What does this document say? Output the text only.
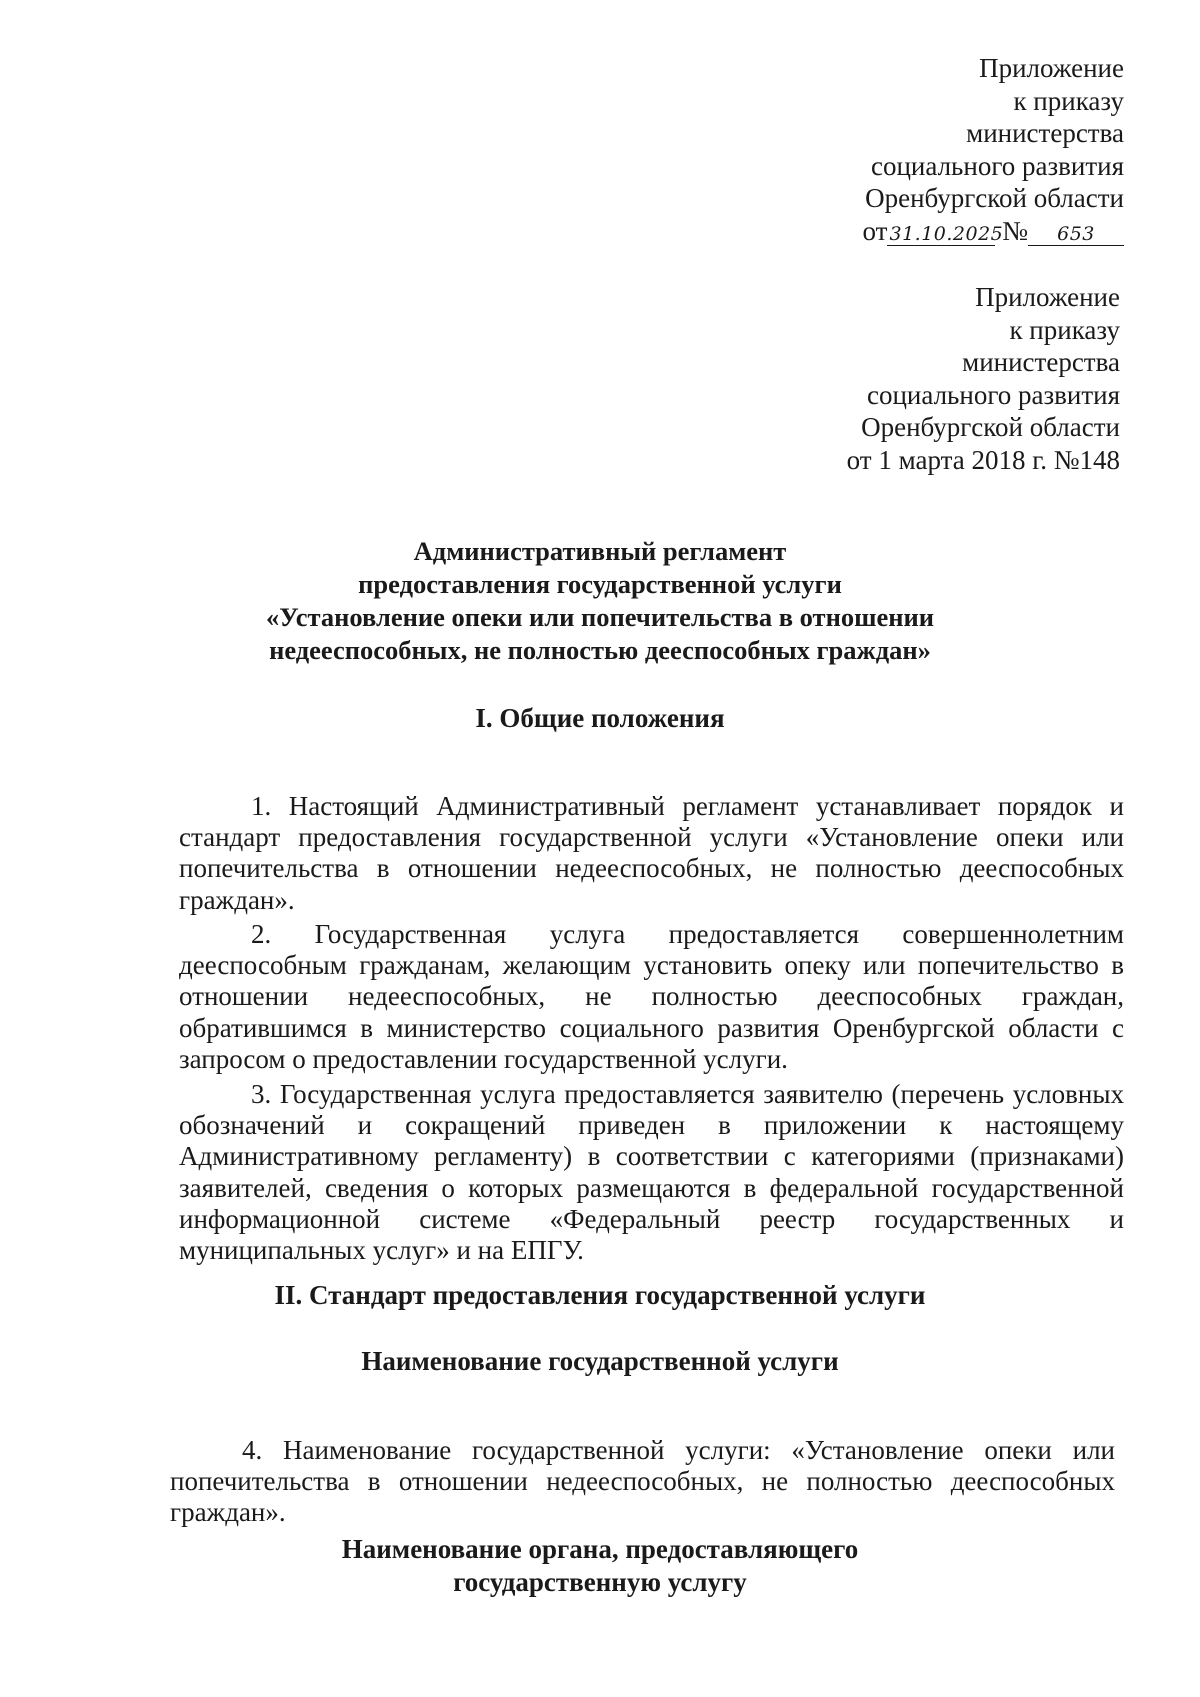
Приложение
к приказу
министерства
социального развития
Оренбургской области
от 31.10.2025 № 653
Приложение
к приказу
министерства
социального развития
Оренбургской области
от 1 марта 2018 г. №148
Административный регламент
предоставления государственной услуги
«Установление опеки или попечительства в отношении
недееспособных, не полностью дееспособных граждан»
I. Общие положения

1. Настоящий Административный регламент устанавливает порядок и стандарт предоставления государственной услуги «Установление опеки или попечительства в отношении недееспособных, не полностью дееспособных граждан».

2. Государственная услуга предоставляется совершеннолетним дееспособным гражданам, желающим установить опеку или попечительство в отношении недееспособных, не полностью дееспособных граждан, обратившимся в министерство социального развития Оренбургской области с запросом о предоставлении государственной услуги.

3. Государственная услуга предоставляется заявителю (перечень условных обозначений и сокращений приведен в приложении к настоящему Административному регламенту) в соответствии с категориями (признаками) заявителей, сведения о которых размещаются в федеральной государственной информационной системе «Федеральный реестр государственных и муниципальных услуг» и на ЕПГУ.

II. Стандарт предоставления государственной услуги
Наименование государственной услуги

4. Наименование государственной услуги: «Установление опеки или попечительства в отношении недееспособных, не полностью дееспособных граждан».

Наименование органа, предоставляющего
государственную услугу
